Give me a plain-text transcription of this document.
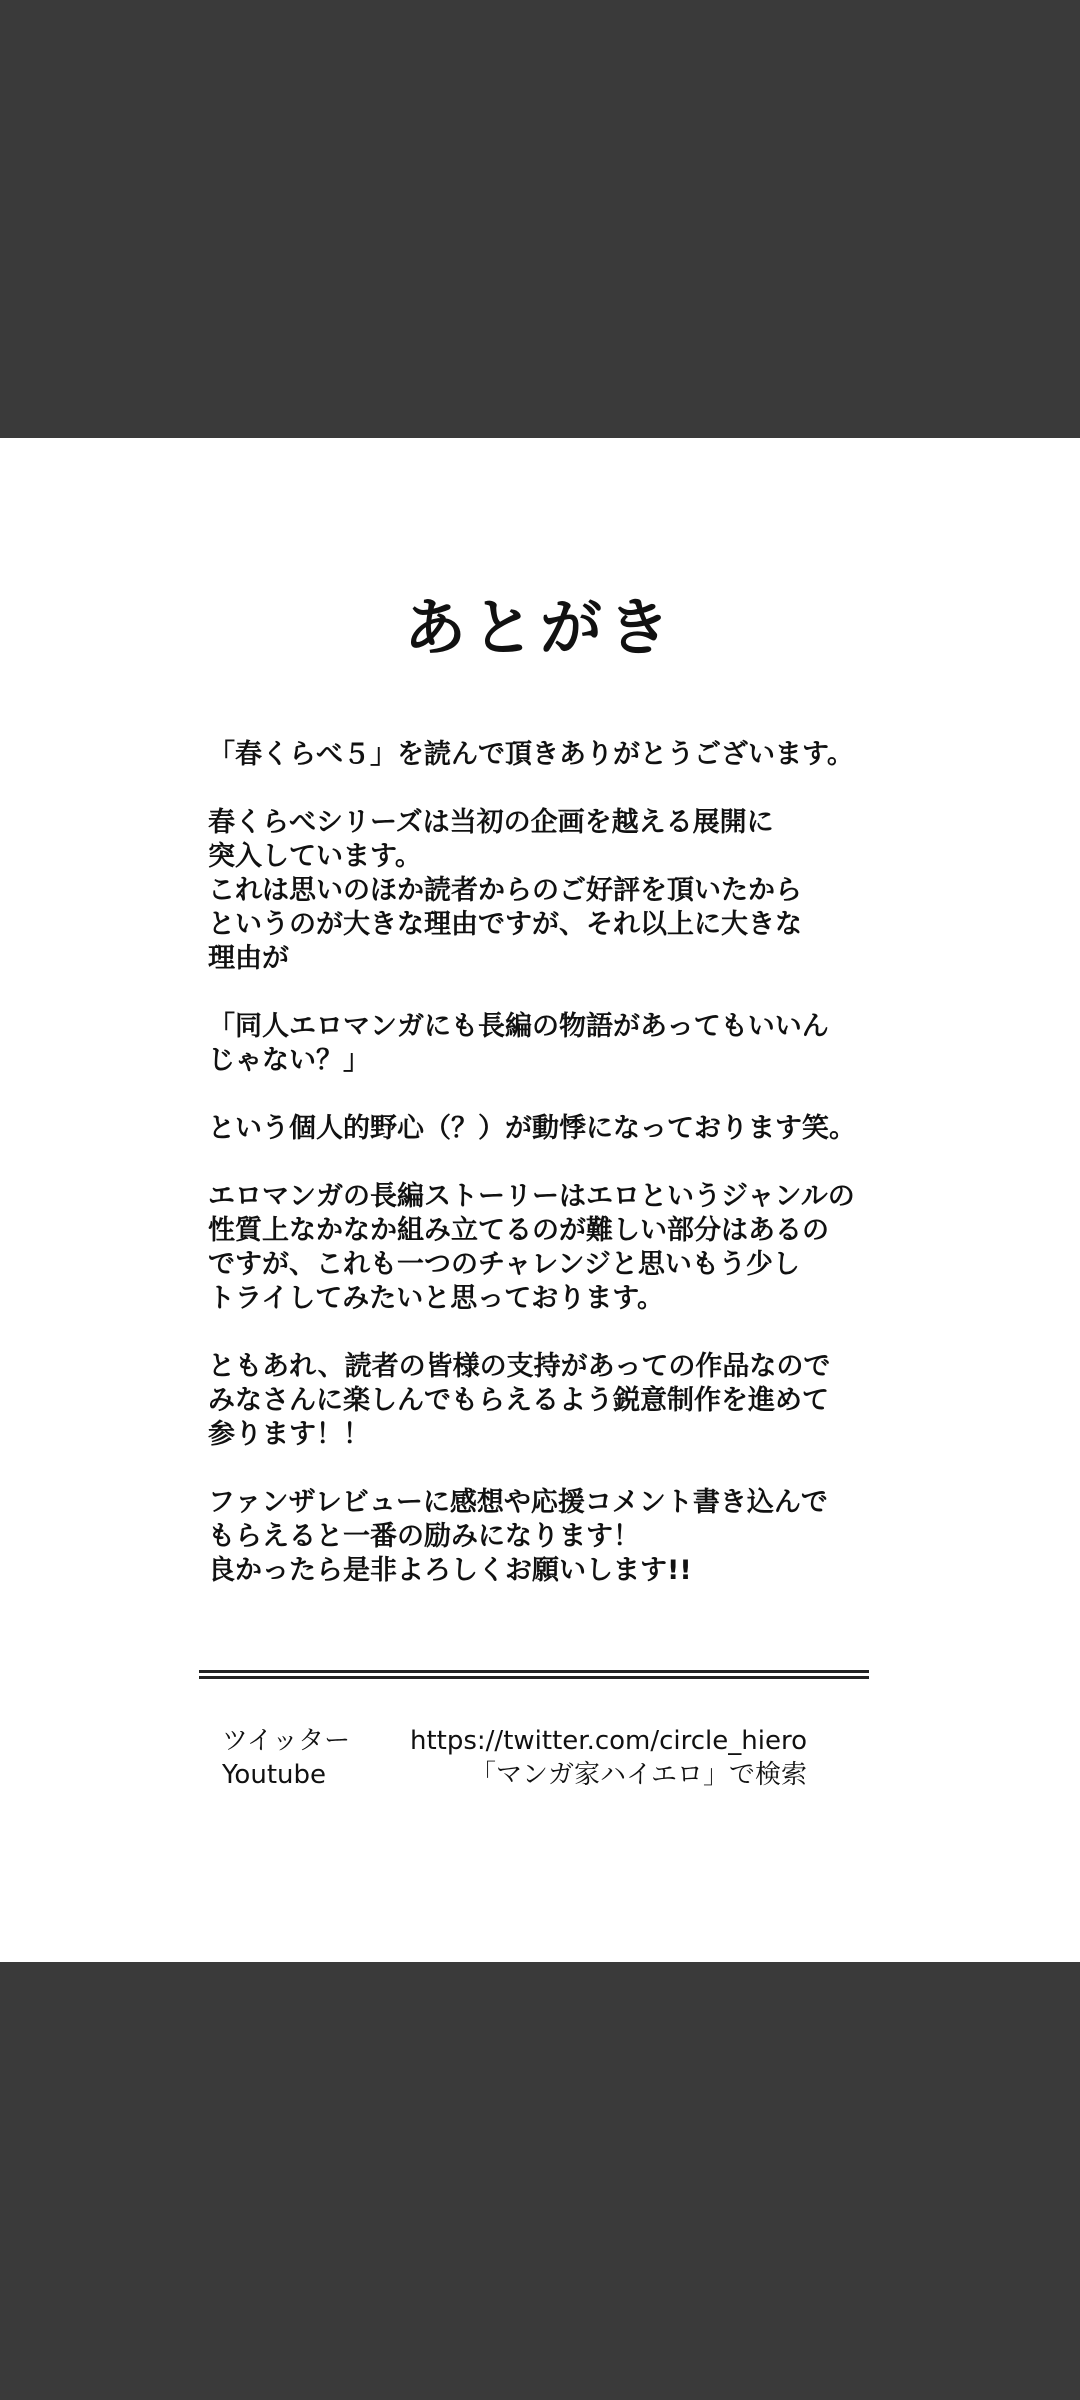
あとがき

「春くらべ５」を読んで頂きありがとうございます。

春くらべシリーズは当初の企画を越える展開に
突入しています。
これは思いのほか読者からのご好評を頂いたから
というのが大きな理由ですが、それ以上に大きな
理由が

「同人エロマンガにも長編の物語があってもいいん
じゃない？」

という個人的野心（？）が動悸になっております笑。

エロマンガの長編ストーリーはエロというジャンルの
性質上なかなか組み立てるのが難しい部分はあるの
ですが、これも一つのチャレンジと思いもう少し
トライしてみたいと思っております。

ともあれ、読者の皆様の支持があっての作品なので
みなさんに楽しんでもらえるよう鋭意制作を進めて
参ります！！

ファンザレビューに感想や応援コメント書き込んで
もらえると一番の励みになります！
良かったら是非よろしくお願いします!!

ツイッター https://twitter.com/circle_hiero
Youtube	「マンガ家ハイエロ」で検索
